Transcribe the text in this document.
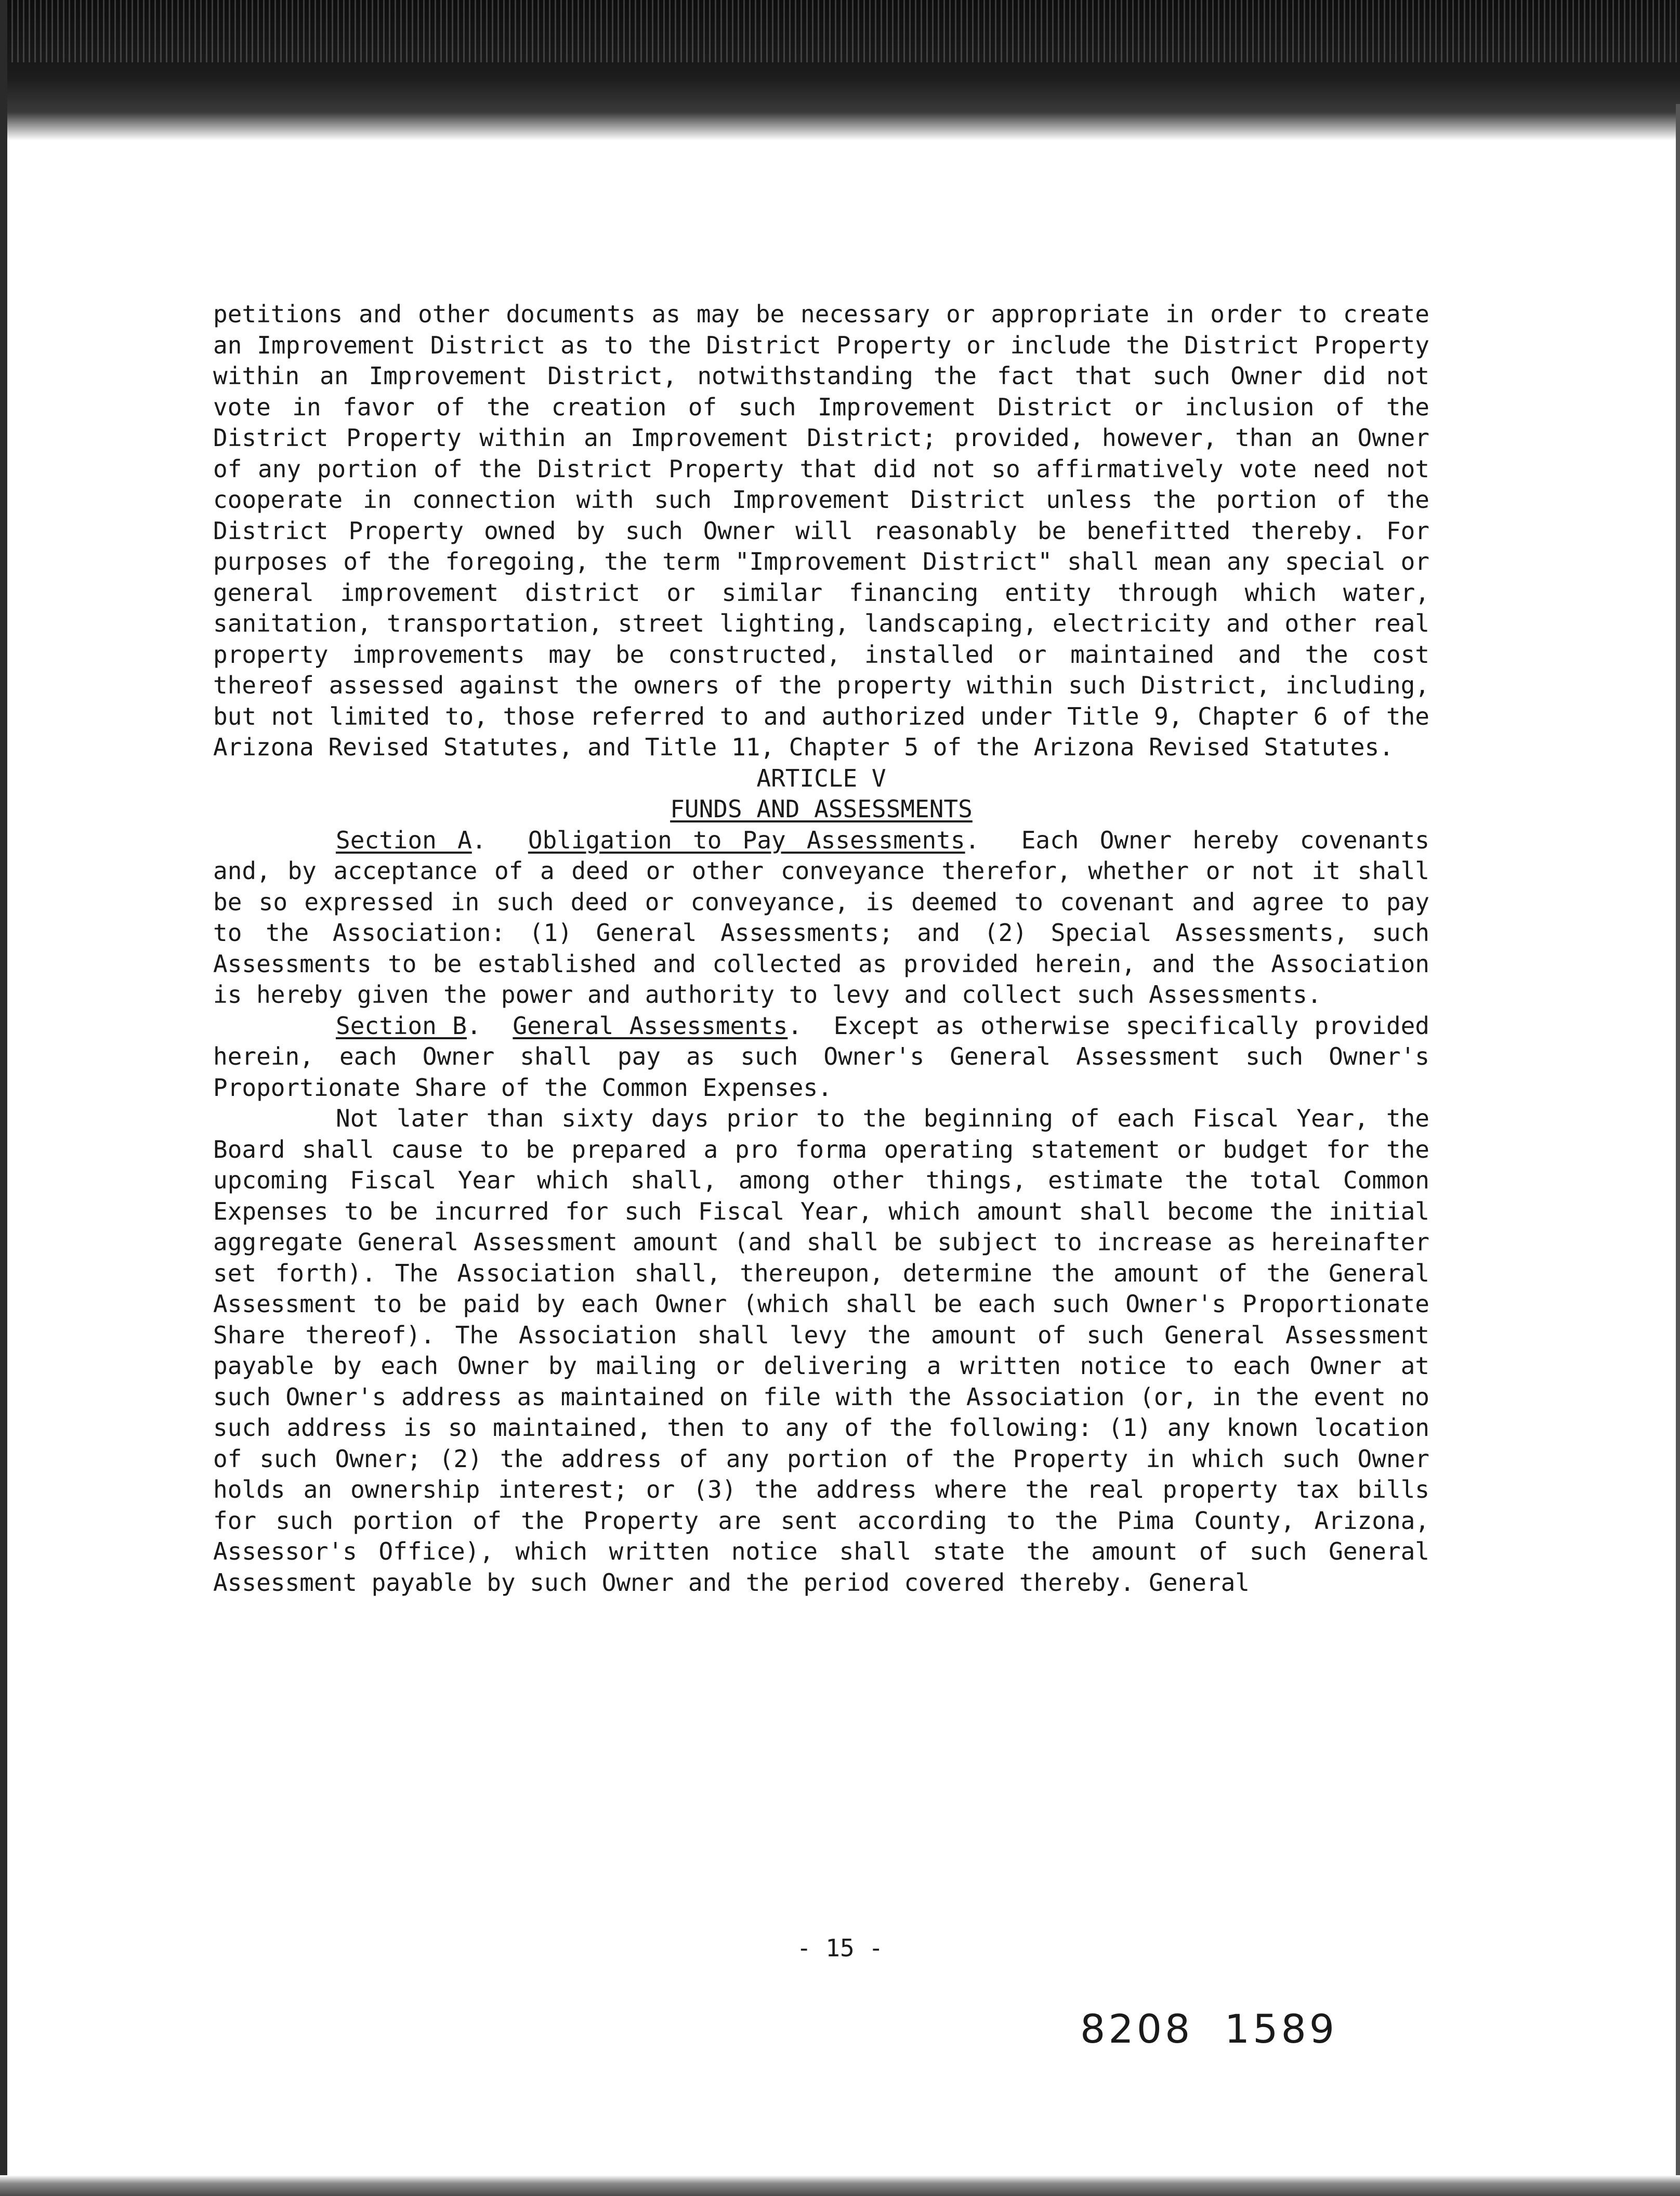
petitions and other documents as may be necessary or appropriate in order to create an Improvement District as to the District Property or include the District Property within an Improvement District, notwithstanding the fact that such Owner did not vote in favor of the creation of such Improvement District or inclusion of the District Property within an Improvement District; provided, however, than an Owner of any portion of the District Property that did not so affirmatively vote need not cooperate in connection with such Improvement District unless the portion of the District Property owned by such Owner will reasonably be benefitted thereby. For purposes of the foregoing, the term "Improvement District" shall mean any special or general improvement district or similar financing entity through which water, sanitation, transportation, street lighting, landscaping, electricity and other real property improvements may be constructed, installed or maintained and the cost thereof assessed against the owners of the property within such District, including, but not limited to, those referred to and authorized under Title 9, Chapter 6 of the Arizona Revised Statutes, and Title 11, Chapter 5 of the Arizona Revised Statutes.

ARTICLE V

FUNDS AND ASSESSMENTS

Section A.  Obligation to Pay Assessments.  Each Owner hereby covenants and, by acceptance of a deed or other conveyance therefor, whether or not it shall be so expressed in such deed or conveyance, is deemed to covenant and agree to pay to the Association: (1) General Assessments; and (2) Special Assessments, such Assessments to be established and collected as provided herein, and the Association is hereby given the power and authority to levy and collect such Assessments.

Section B.  General Assessments.  Except as otherwise specifically provided herein, each Owner shall pay as such Owner's General Assessment such Owner's Proportionate Share of the Common Expenses.

Not later than sixty days prior to the beginning of each Fiscal Year, the Board shall cause to be prepared a pro forma operating statement or budget for the upcoming Fiscal Year which shall, among other things, estimate the total Common Expenses to be incurred for such Fiscal Year, which amount shall become the initial aggregate General Assessment amount (and shall be subject to increase as hereinafter set forth). The Association shall, thereupon, determine the amount of the General Assessment to be paid by each Owner (which shall be each such Owner's Proportionate Share thereof). The Association shall levy the amount of such General Assessment payable by each Owner by mailing or delivering a written notice to each Owner at such Owner's address as maintained on file with the Association (or, in the event no such address is so maintained, then to any of the following: (1) any known location of such Owner; (2) the address of any portion of the Property in which such Owner holds an ownership interest; or (3) the address where the real property tax bills for such portion of the Property are sent according to the Pima County, Arizona, Assessor's Office), which written notice shall state the amount of such General Assessment payable by such Owner and the period covered thereby. General

- 15 -
8208  1589
